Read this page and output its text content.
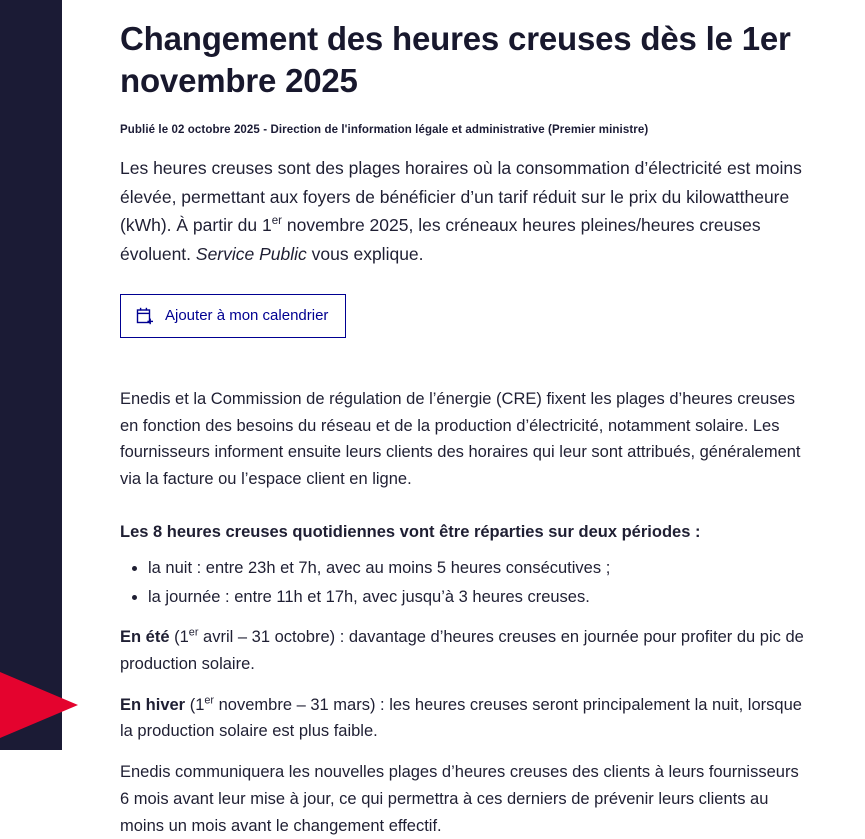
Changement des heures creuses dès le 1er novembre 2025
Publié le 02 octobre 2025 - Direction de l'information légale et administrative (Premier ministre)

Les heures creuses sont des plages horaires où la consommation d’électricité est moins élevée, permettant aux foyers de bénéficier d’un tarif réduit sur le prix du kilowattheure (kWh). À partir du 1er novembre 2025, les créneaux heures pleines/heures creuses évoluent. Service Public vous explique.

Ajouter à mon calendrier

Enedis et la Commission de régulation de l’énergie (CRE) fixent les plages d’heures creuses en fonction des besoins du réseau et de la production d’électricité, notamment solaire. Les fournisseurs informent ensuite leurs clients des horaires qui leur sont attribués, généralement via la facture ou l’espace client en ligne.

Les 8 heures creuses quotidiennes vont être réparties sur deux périodes :

la nuit : entre 23h et 7h, avec au moins 5 heures consécutives ;
la journée : entre 11h et 17h, avec jusqu’à 3 heures creuses.

En été (1er avril – 31 octobre) : davantage d’heures creuses en journée pour profiter du pic de production solaire.

En hiver (1er novembre – 31 mars) : les heures creuses seront principalement la nuit, lorsque la production solaire est plus faible.

Enedis communiquera les nouvelles plages d’heures creuses des clients à leurs fournisseurs 6 mois avant leur mise à jour, ce qui permettra à ces derniers de prévenir leurs clients au moins un mois avant le changement effectif.
